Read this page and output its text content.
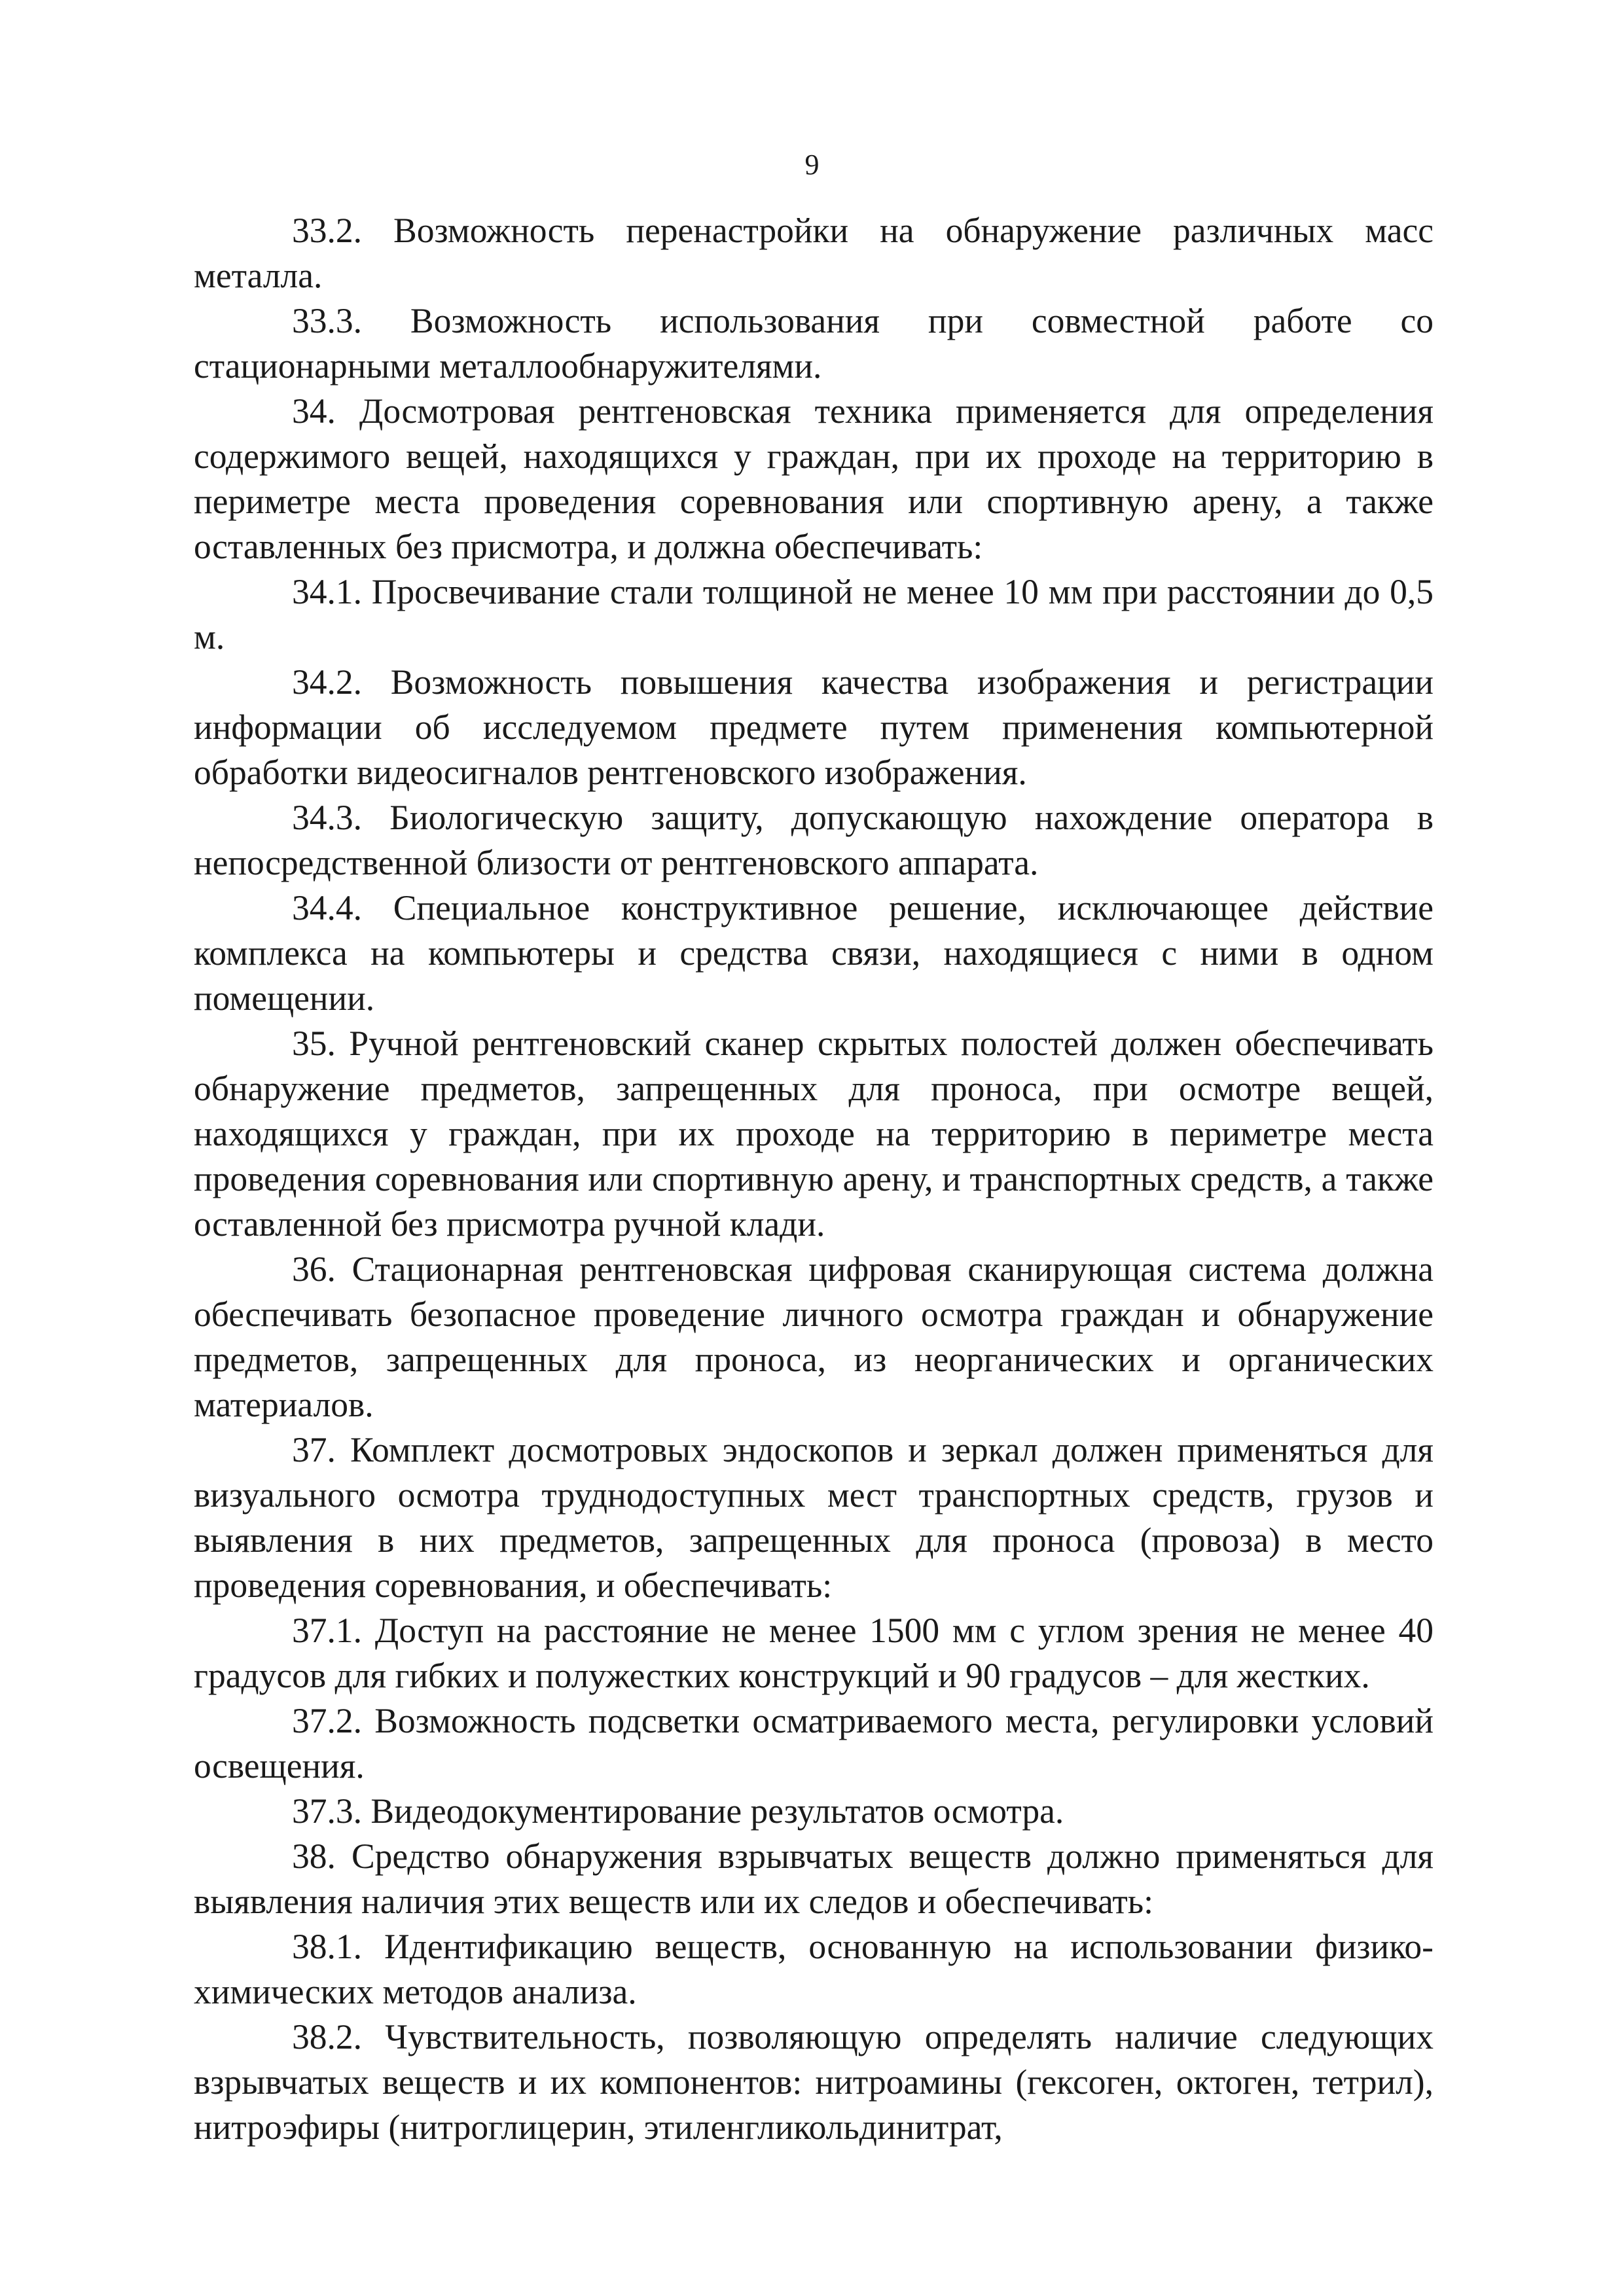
9

33.2. Возможность перенастройки на обнаружение различных масс металла.

33.3. Возможность использования при совместной работе со стационарными металлообнаружителями.

34. Досмотровая рентгеновская техника применяется для определения содержимого вещей, находящихся у граждан, при их проходе на территорию в периметре места проведения соревнования или спортивную арену, а также оставленных без присмотра, и должна обеспечивать:

34.1. Просвечивание стали толщиной не менее 10 мм при расстоянии до 0,5 м.

34.2. Возможность повышения качества изображения и регистрации информации об исследуемом предмете путем применения компьютерной обработки видеосигналов рентгеновского изображения.

34.3. Биологическую защиту, допускающую нахождение оператора в непосредственной близости от рентгеновского аппарата.

34.4. Специальное конструктивное решение, исключающее действие комплекса на компьютеры и средства связи, находящиеся с ними в одном помещении.

35. Ручной рентгеновский сканер скрытых полостей должен обеспечивать обнаружение предметов, запрещенных для проноса, при осмотре вещей, находящихся у граждан, при их проходе на территорию в периметре места проведения соревнования или спортивную арену, и транспортных средств, а также оставленной без присмотра ручной клади.

36. Стационарная рентгеновская цифровая сканирующая система должна обеспечивать безопасное проведение личного осмотра граждан и обнаружение предметов, запрещенных для проноса, из неорганических и органических материалов.

37. Комплект досмотровых эндоскопов и зеркал должен применяться для визуального осмотра труднодоступных мест транспортных средств, грузов и выявления в них предметов, запрещенных для проноса (провоза) в место проведения соревнования, и обеспечивать:

37.1. Доступ на расстояние не менее 1500 мм с углом зрения не менее 40 градусов для гибких и полужестких конструкций и 90 градусов – для жестких.

37.2. Возможность подсветки осматриваемого места, регулировки условий освещения.

37.3. Видеодокументирование результатов осмотра.

38. Средство обнаружения взрывчатых веществ должно применяться для выявления наличия этих веществ или их следов и обеспечивать:

38.1. Идентификацию веществ, основанную на использовании физико-химических методов анализа.

38.2. Чувствительность, позволяющую определять наличие следующих взрывчатых веществ и их компонентов: нитроамины (гексоген, октоген, тетрил), нитроэфиры (нитроглицерин, этиленгликольдинитрат,
